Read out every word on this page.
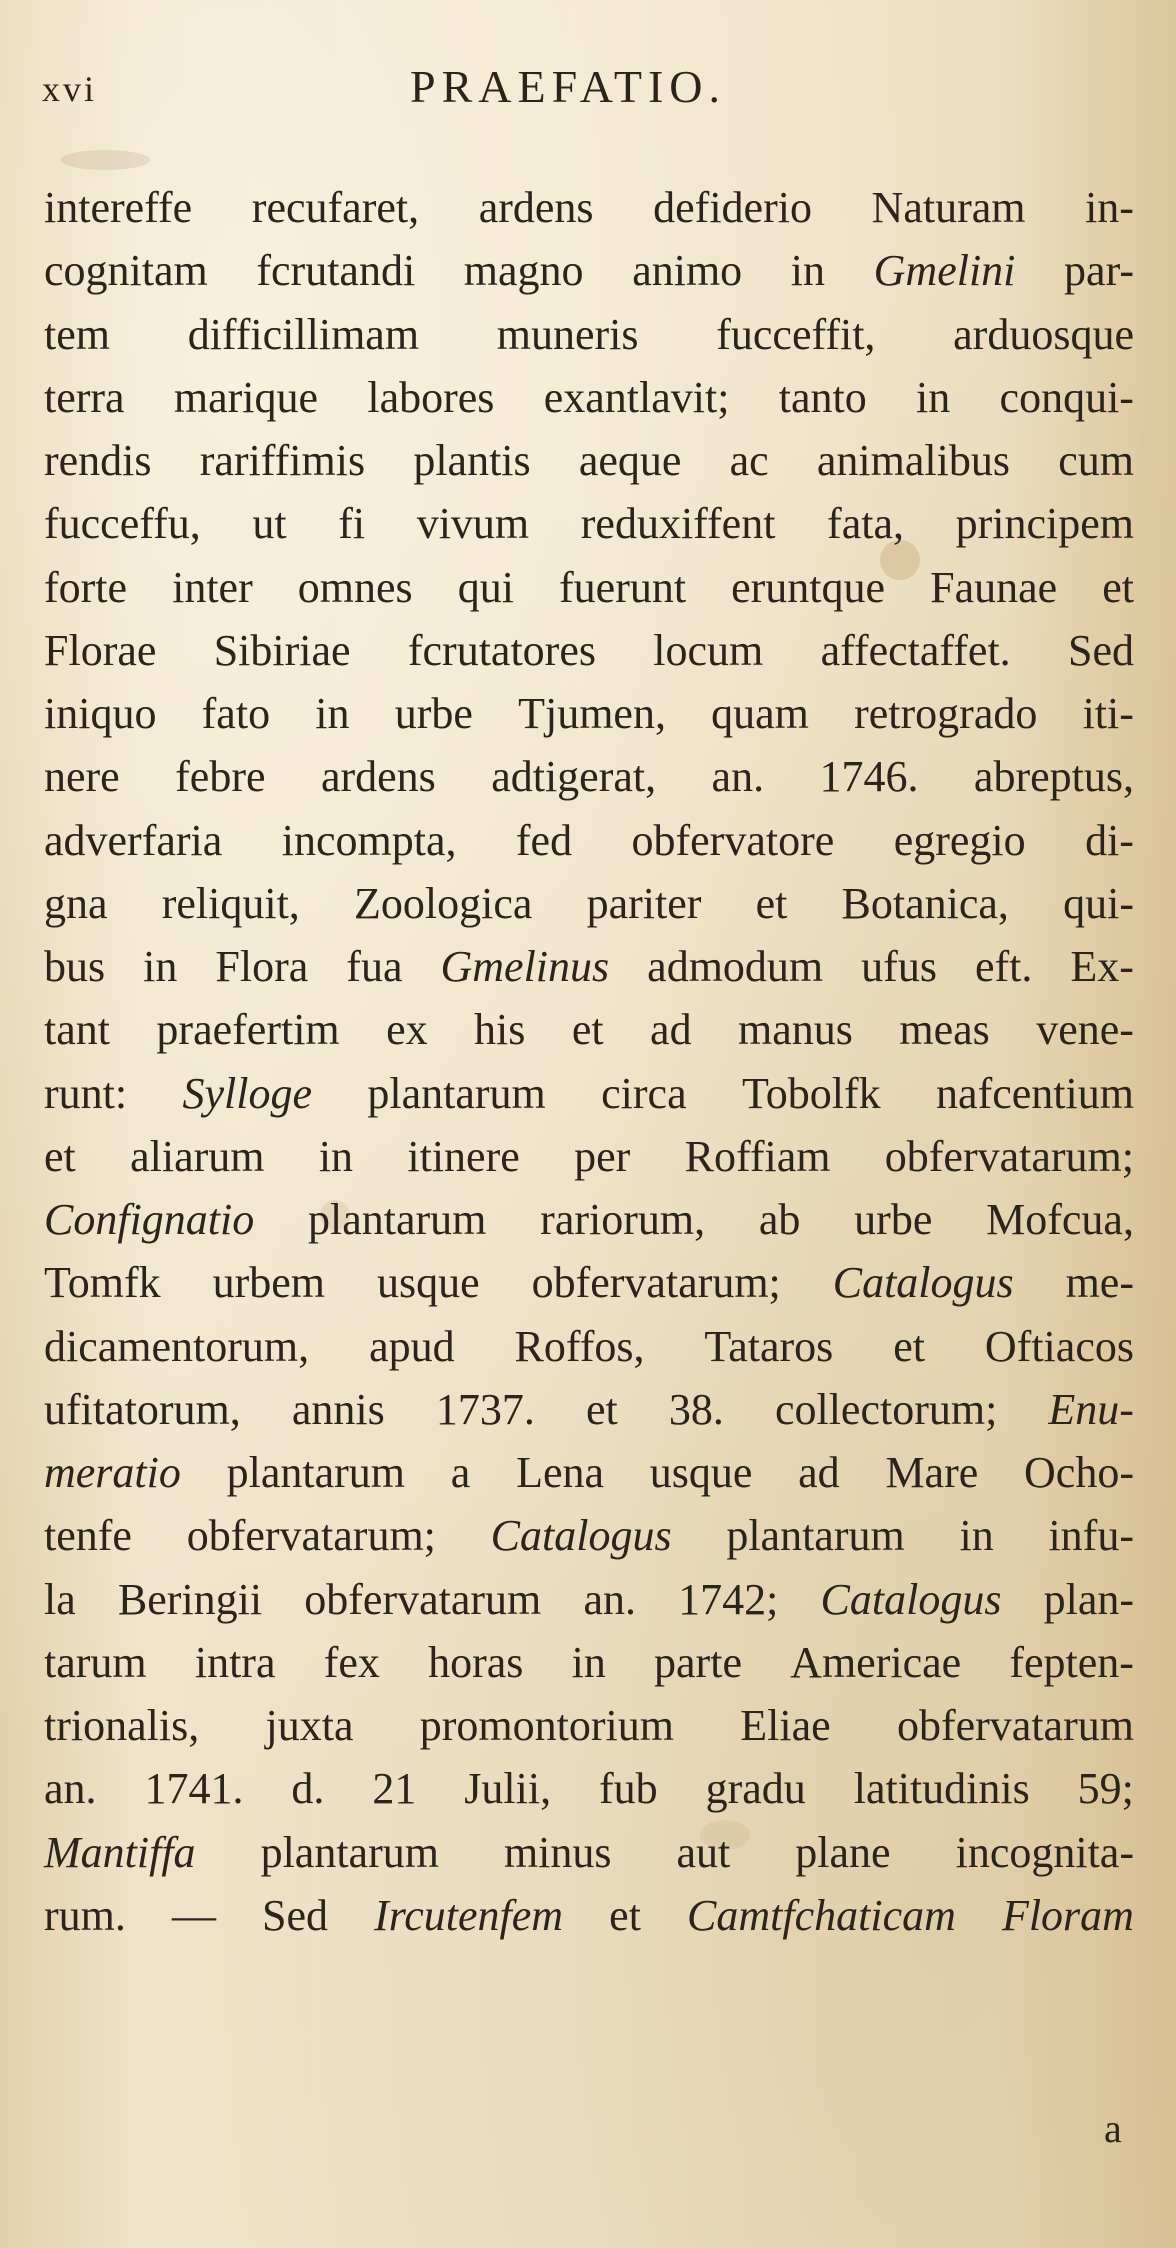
xvi	PRAEFATIO.
intereffe recufaret, ardens defiderio Naturam in-
cognitam fcrutandi magno animo in Gmelini par-
tem difficillimam muneris fucceffit, arduosque
terra marique labores exantlavit; tanto in conqui-
rendis rariffimis plantis aeque ac animalibus cum
fucceffu, ut fi vivum reduxiffent fata, principem
forte inter omnes qui fuerunt eruntque Faunae et
Florae Sibiriae fcrutatores locum affectaffet. Sed
iniquo fato in urbe Tjumen, quam retrogrado iti-
nere febre ardens adtigerat, an. 1746. abreptus,
adverfaria incompta, fed obfervatore egregio di-
gna reliquit, Zoologica pariter et Botanica, qui-
bus in Flora fua Gmelinus admodum ufus eft. Ex-
tant praefertim ex his et ad manus meas vene-
runt: Sylloge plantarum circa Tobolfk nafcentium
et aliarum in itinere per Roffiam obfervatarum;
Confignatio plantarum rariorum, ab urbe Mofcua,
Tomfk urbem usque obfervatarum; Catalogus me-
dicamentorum, apud Roffos, Tataros et Oftiacos
ufitatorum, annis 1737. et 38. collectorum; Enu-
meratio plantarum a Lena usque ad Mare Ocho-
tenfe obfervatarum; Catalogus plantarum in infu-
la Beringii obfervatarum an. 1742; Catalogus plan-
tarum intra fex horas in parte Americae fepten-
trionalis, juxta promontorium Eliae obfervatarum
an. 1741. d. 21 Julii, fub gradu latitudinis 59;
Mantiffa plantarum minus aut plane incognita-
rum. — Sed Ircutenfem et Camtfchaticam Floram
a
